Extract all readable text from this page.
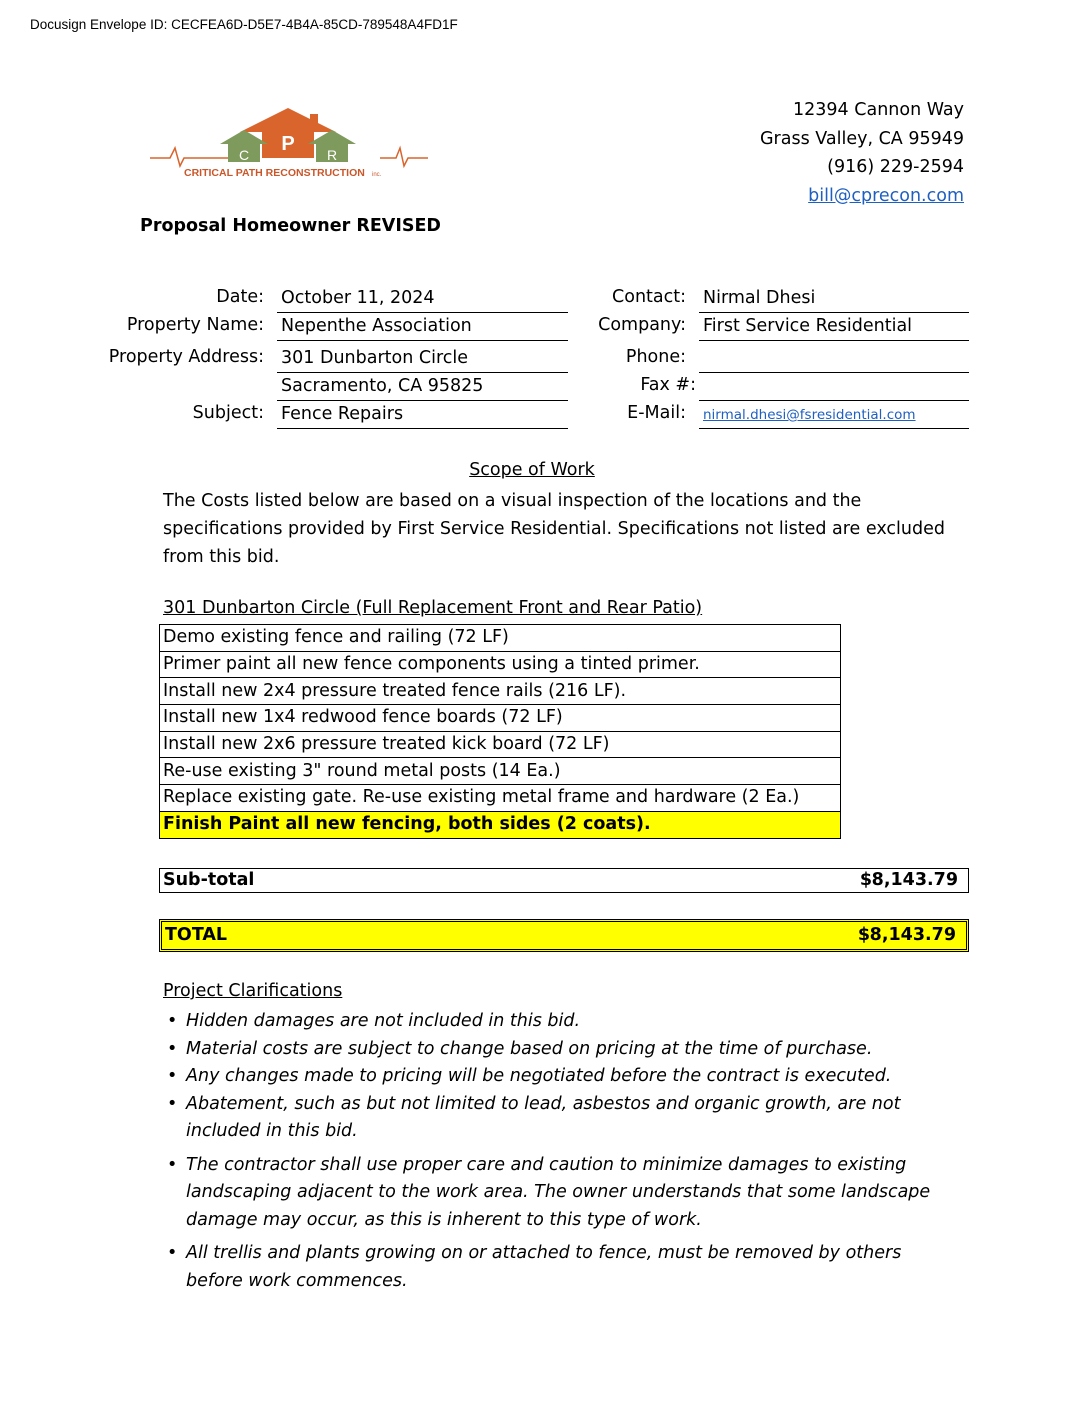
Docusign Envelope ID: CECFEA6D-D5E7-4B4A-85CD-789548A4FD1F
P
C	R
CRITICAL PATH RECONSTRUCTION inc.
12394 Cannon Way
Grass Valley, CA 95949
(916) 229-2594
bill@cprecon.com
Proposal Homeowner REVISED
Date: October 11, 2024
Property Name: Nepenthe Association
Property Address: 301 Dunbarton Circle
Sacramento, CA 95825
Subject: Fence Repairs
Contact: Nirmal Dhesi
Company: First Service Residential
Phone:
Fax #:
E-Mail: nirmal.dhesi@fsresidential.com
Scope of Work
The Costs listed below are based on a visual inspection of the locations and the specifications provided by First Service Residential. Specifications not listed are excluded from this bid.
301 Dunbarton Circle (Full Replacement Front and Rear Patio)
Demo existing fence and railing (72 LF)
Primer paint all new fence components using a tinted primer.
Install new 2x4 pressure treated fence rails (216 LF).
Install new 1x4 redwood fence boards (72 LF)
Install new 2x6 pressure treated kick board (72 LF)
Re-use existing 3" round metal posts (14 Ea.)
Replace existing gate. Re-use existing metal frame and hardware (2 Ea.)
Finish Paint all new fencing, both sides (2 coats).
Sub-total	$ 8,143.79
TOTAL	$ 8,143.79
Project Clarifications
• Hidden damages are not included in this bid.
• Material costs are subject to change based on pricing at the time of purchase.
• Any changes made to pricing will be negotiated before the contract is executed.
• Abatement, such as but not limited to lead, asbestos and organic growth, are not included in this bid.
• The contractor shall use proper care and caution to minimize damages to existing landscaping adjacent to the work area. The owner understands that some landscape damage may occur, as this is inherent to this type of work.
• All trellis and plants growing on or attached to fence, must be removed by others before work commences.
